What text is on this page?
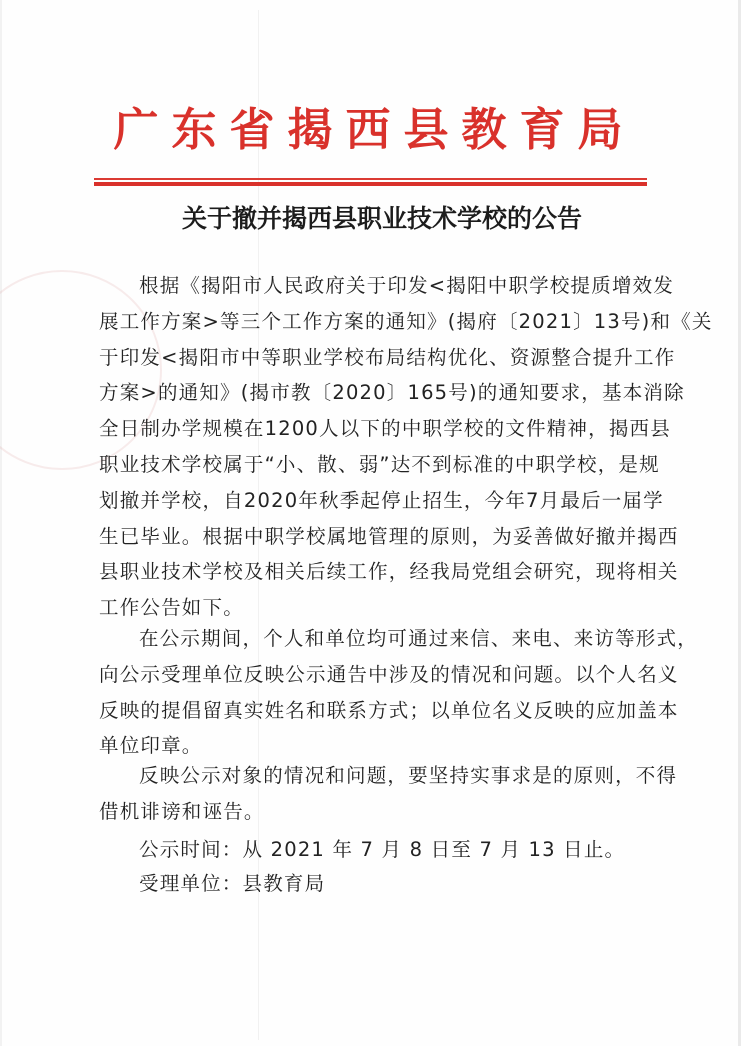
广东省揭西县教育局
关于撤并揭西县职业技术学校的公告
根据《揭阳市人民政府关于印发<揭阳中职学校提质增效发
展工作方案>等三个工作方案的通知》(揭府〔2021〕13号)和《关
于印发<揭阳市中等职业学校布局结构优化、资源整合提升工作
方案>的通知》(揭市教〔2020〕165号)的通知要求，基本消除
全日制办学规模在1200人以下的中职学校的文件精神，揭西县
职业技术学校属于“小、散、弱”达不到标准的中职学校，是规
划撤并学校，自2020年秋季起停止招生，今年7月最后一届学
生已毕业。根据中职学校属地管理的原则，为妥善做好撤并揭西
县职业技术学校及相关后续工作，经我局党组会研究，现将相关
工作公告如下。
在公示期间，个人和单位均可通过来信、来电、来访等形式，
向公示受理单位反映公示通告中涉及的情况和问题。以个人名义
反映的提倡留真实姓名和联系方式；以单位名义反映的应加盖本
单位印章。
反映公示对象的情况和问题，要坚持实事求是的原则，不得
借机诽谤和诬告。
公示时间：从 2021 年 7 月 8 日至 7 月 13 日止。
受理单位：县教育局
